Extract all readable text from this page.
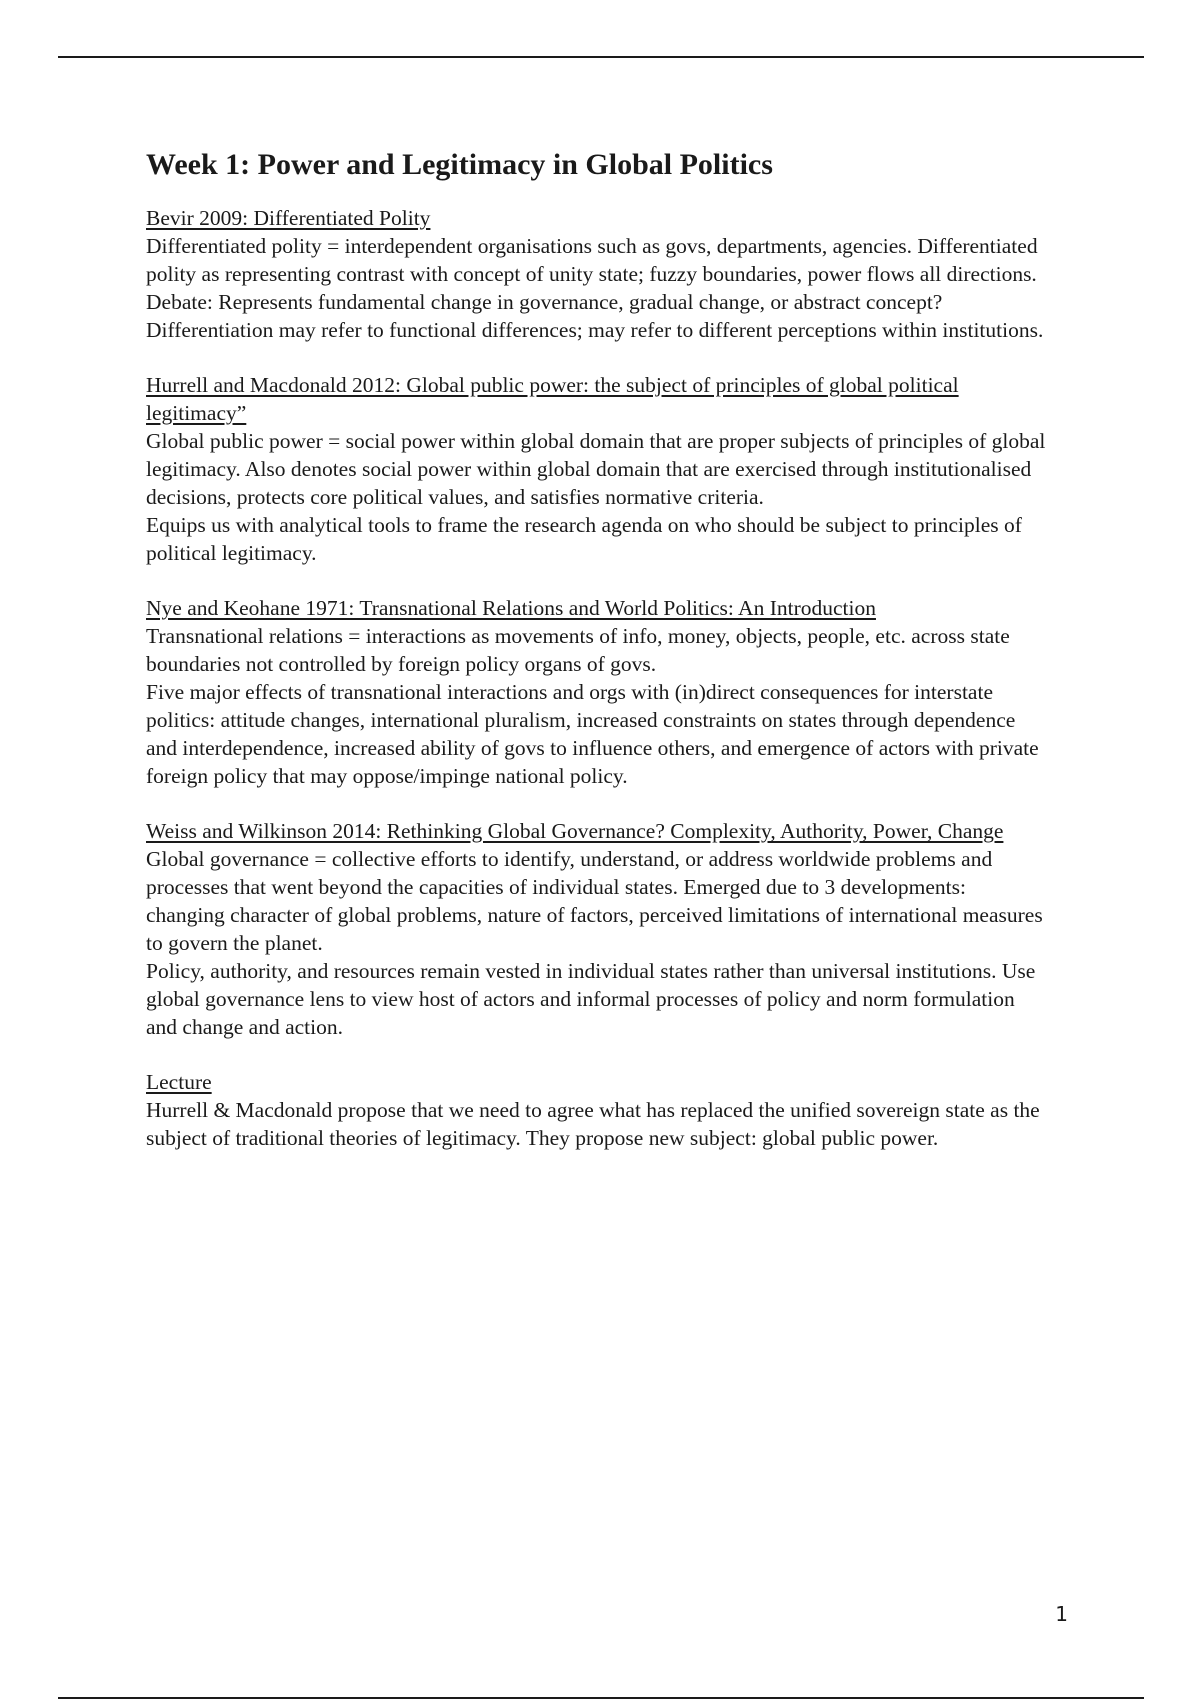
Week 1: Power and Legitimacy in Global Politics

Bevir 2009: Differentiated Polity

Differentiated polity = interdependent organisations such as govs, departments, agencies. Differentiated polity as representing contrast with concept of unity state; fuzzy boundaries, power flows all directions.

Debate: Represents fundamental change in governance, gradual change, or abstract concept? Differentiation may refer to functional differences; may refer to different perceptions within institutions.

Hurrell and Macdonald 2012: Global public power: the subject of principles of global political legitimacy”

Global public power = social power within global domain that are proper subjects of principles of global legitimacy. Also denotes social power within global domain that are exercised through institutionalised decisions, protects core political values, and satisfies normative criteria.

Equips us with analytical tools to frame the research agenda on who should be subject to principles of political legitimacy.

Nye and Keohane 1971: Transnational Relations and World Politics: An Introduction

Transnational relations = interactions as movements of info, money, objects, people, etc. across state boundaries not controlled by foreign policy organs of govs.

Five major effects of transnational interactions and orgs with (in)direct consequences for interstate politics: attitude changes, international pluralism, increased constraints on states through dependence and interdependence, increased ability of govs to influence others, and emergence of actors with private foreign policy that may oppose/impinge national policy.

Weiss and Wilkinson 2014: Rethinking Global Governance? Complexity, Authority, Power, Change

Global governance = collective efforts to identify, understand, or address worldwide problems and processes that went beyond the capacities of individual states. Emerged due to 3 developments: changing character of global problems, nature of factors, perceived limitations of international measures to govern the planet.

Policy, authority, and resources remain vested in individual states rather than universal institutions. Use global governance lens to view host of actors and informal processes of policy and norm formulation and change and action.

Lecture

Hurrell & Macdonald propose that we need to agree what has replaced the unified sovereign state as the subject of traditional theories of legitimacy. They propose new subject: global public power.

1
